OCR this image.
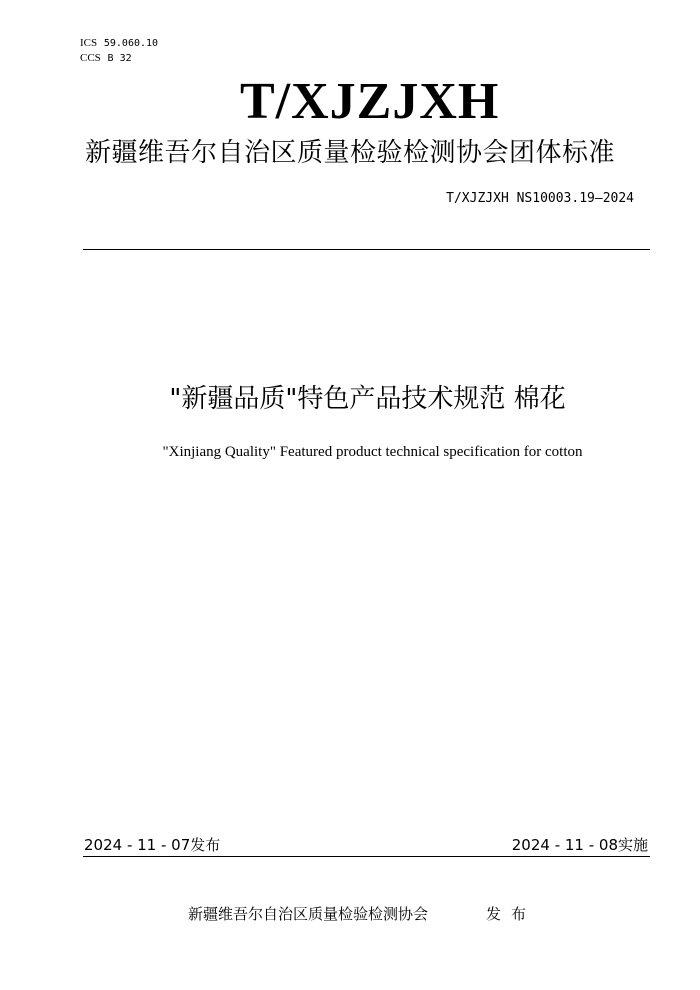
ICS 59.060.10
CCS B 32
T/XJZJXH
新疆维吾尔自治区质量检验检测协会团体标准
T/XJZJXH NS10003.19—2024
"新疆品质"特色产品技术规范 棉花
"Xinjiang Quality" Featured product technical specification for cotton
2024 - 11 - 07发布	2024 - 11 - 08实施
新疆维吾尔自治区质量检验检测协会	发布
